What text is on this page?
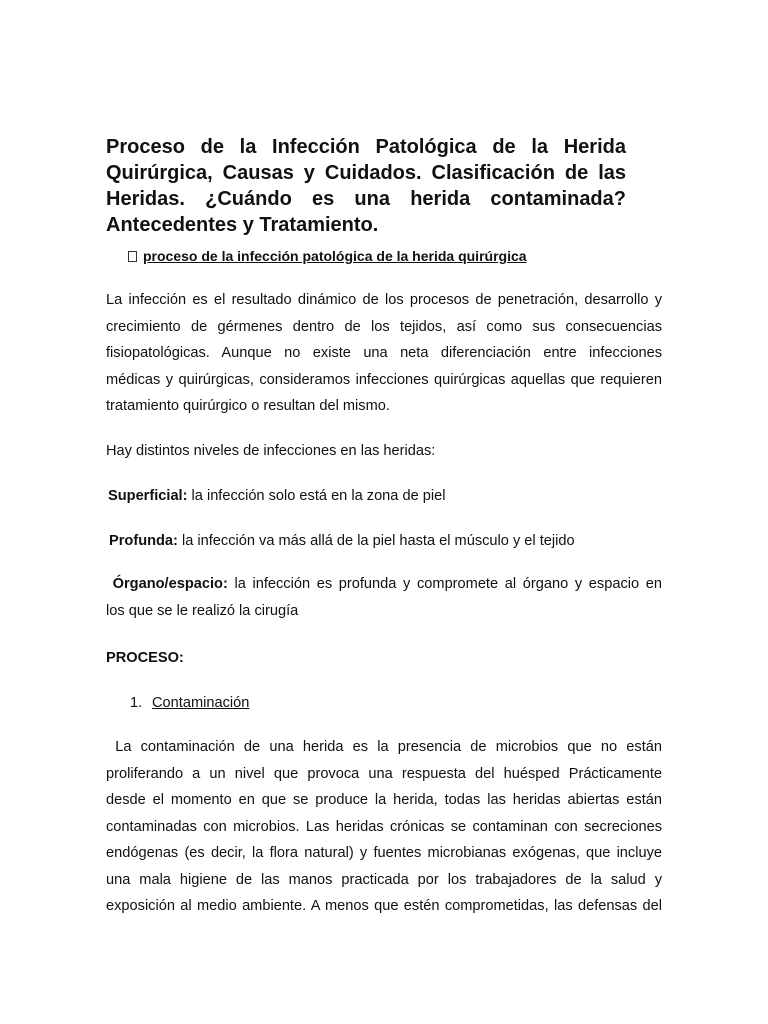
Proceso de la Infección Patológica de la Herida
Quirúrgica, Causas y Cuidados. Clasificación de las
Heridas. ¿Cuándo es una herida contaminada?
Antecedentes y Tratamiento.
proceso de la infección patológica de la herida quirúrgica

La infección es el resultado dinámico de los procesos de penetración, desarrollo y
crecimiento de gérmenes dentro de los tejidos, así como sus consecuencias
fisiopatológicas. Aunque no existe una neta diferenciación entre infecciones
médicas y quirúrgicas, consideramos infecciones quirúrgicas aquellas que requieren
tratamiento quirúrgico o resultan del mismo.

Hay distintos niveles de infecciones en las heridas:
Superficial: la infección solo está en la zona de piel
Profunda: la infección va más allá de la piel hasta el músculo y el tejido
Órgano/espacio: la infección es profunda y compromete al órgano y espacio en
los que se le realizó la cirugía
PROCESO:
1. Contaminación

La contaminación de una herida es la presencia de microbios que no están
proliferando a un nivel que provoca una respuesta del huésped Prácticamente
desde el momento en que se produce la herida, todas las heridas abiertas están
contaminadas con microbios. Las heridas crónicas se contaminan con secreciones
endógenas (es decir, la flora natural) y fuentes microbianas exógenas, que incluye
una mala higiene de las manos practicada por los trabajadores de la salud y
exposición al medio ambiente. A menos que estén comprometidas, las defensas del
